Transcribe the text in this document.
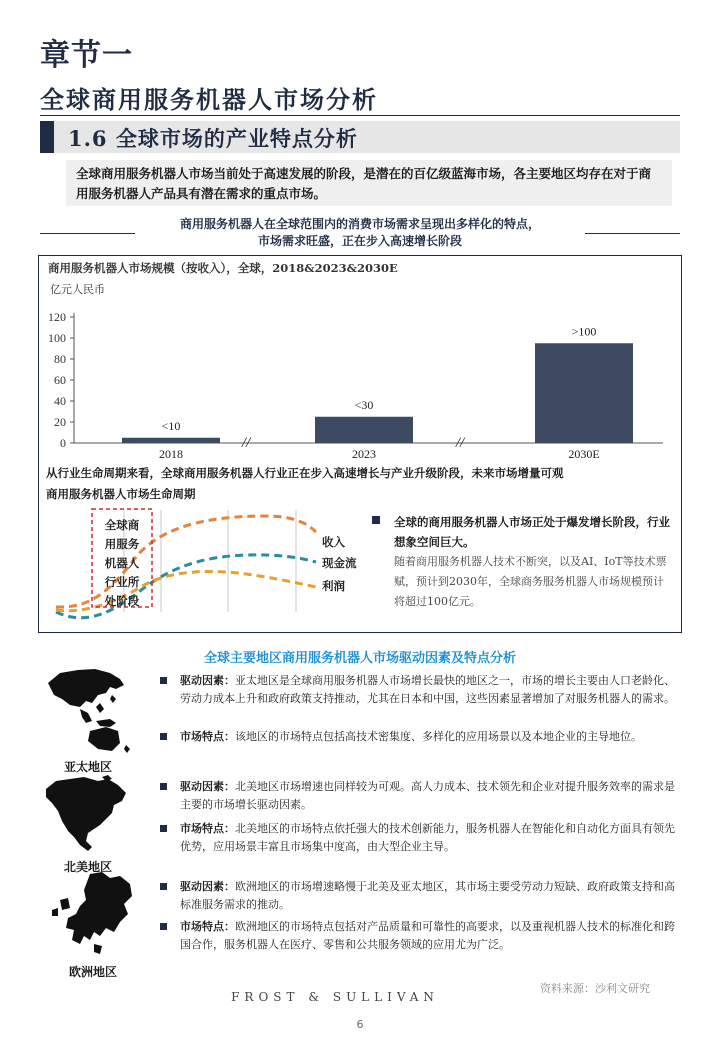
章节一
全球商用服务机器人市场分析
1.6 全球市场的产业特点分析
全球商用服务机器人市场当前处于高速发展的阶段，是潜在的百亿级蓝海市场，各主要地区均存在对于商用服务机器人产品具有潜在需求的重点市场。
商用服务机器人在全球范围内的消费市场需求呈现出多样化的特点，
市场需求旺盛，正在步入高速增长阶段
商用服务机器人市场规模（按收入），全球，2018&2023&2030E
亿元人民币
0
20
40
60
80
100
120
<10
2018
<30
2023
>100
2030E
//	//
从行业生命周期来看，全球商用服务机器人行业正在步入高速增长与产业升级阶段，未来市场增量可观
商用服务机器人市场生命周期
全球商
用服务
机器人
行业所
处阶段
收入
现金流
利润
全球的商用服务机器人市场正处于爆发增长阶段，行业想象空间巨大。
随着商用服务机器人技术不断突，以及AI、IoT等技术票赋，预计到2030年，全球商务服务机器人市场规模预计将超过100亿元。
全球主要地区商用服务机器人市场驱动因素及特点分析
亚太地区
驱动因素：亚太地区是全球商用服务机器人市场增长最快的地区之一，市场的增长主要由人口老龄化、劳动力成本上升和政府政策支持推动，尤其在日本和中国，这些因素显著增加了对服务机器人的需求。
市场特点：该地区的市场特点包括高技术密集度、多样化的应用场景以及本地企业的主导地位。
北美地区
驱动因素：北美地区市场增速也同样较为可观。高人力成本、技术领先和企业对提升服务效率的需求是主要的市场增长驱动因素。
市场特点：北美地区的市场特点依托强大的技术创新能力，服务机器人在智能化和自动化方面具有领先优势，应用场景丰富且市场集中度高，由大型企业主导。
欧洲地区
驱动因素：欧洲地区的市场增速略慢于北美及亚太地区，其市场主要受劳动力短缺、政府政策支持和高标准服务需求的推动。
市场特点：欧洲地区的市场特点包括对产品质量和可靠性的高要求，以及重视机器人技术的标准化和跨国合作，服务机器人在医疗、零售和公共服务领域的应用尤为广泛。
资料来源：沙利文研究
FROST & SULLIVAN
6
